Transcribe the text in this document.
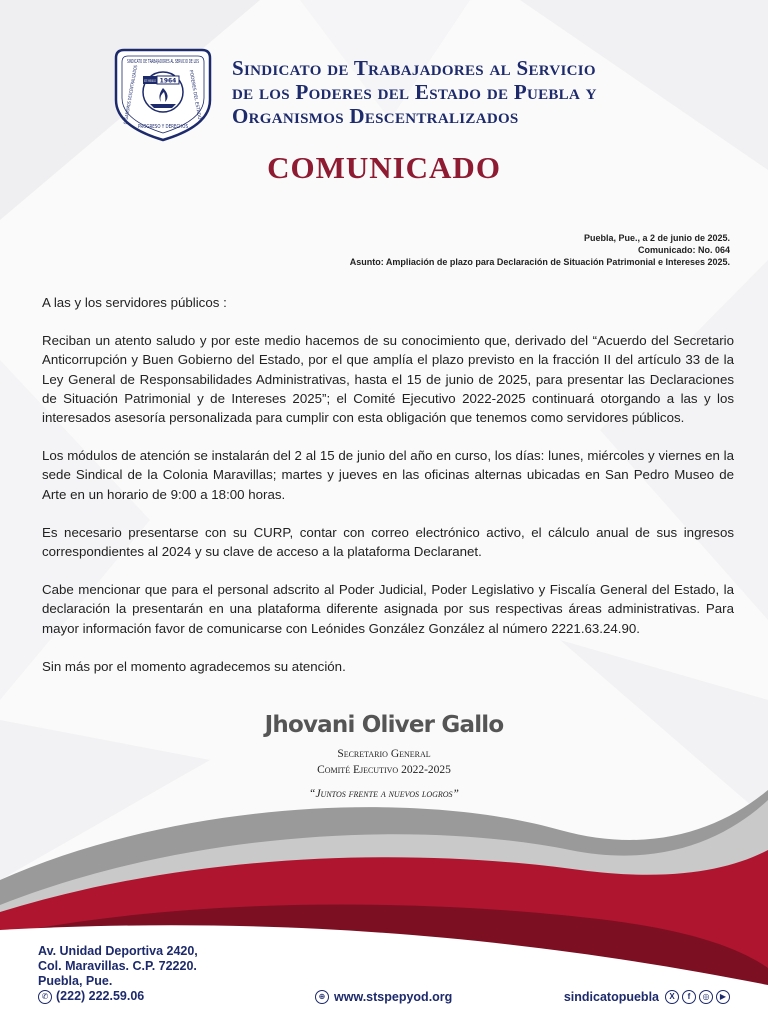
SINDICATO DE TRABAJADORES AL SERVICIO DE LOS
PROGRESO Y DERECHOS
ORGANISMOS DESCENTRALIZADOS	PODERES DEL ESTADO
1964
STE MEXICO
Sindicato de Trabajadores al Servicio
de los Poderes del Estado de Puebla y
Organismos Descentralizados
COMUNICADO
Puebla, Pue., a 2 de junio de 2025.
Comunicado: No. 064
Asunto: Ampliación de plazo para Declaración de Situación Patrimonial e Intereses 2025.

A las y los servidores públicos :

Reciban un atento saludo y por este medio hacemos de su conocimiento que, derivado del “Acuerdo del Secretario Anticorrupción y Buen Gobierno del Estado, por el que amplía el plazo previsto en la fracción II del artículo 33 de la Ley General de Responsabilidades Administrativas, hasta el 15 de junio de 2025, para presentar las Declaraciones de Situación Patrimonial y de Intereses 2025”; el Comité Ejecutivo 2022-2025 continuará otorgando a las y los interesados asesoría personalizada para cumplir con esta obligación que tenemos como servidores públicos.

Los módulos de atención se instalarán del 2 al 15 de junio del año en curso, los días: lunes, miércoles y viernes en la sede Sindical de la Colonia Maravillas; martes y jueves en las oficinas alternas ubicadas en San Pedro Museo de Arte en un horario de 9:00 a 18:00 horas.

Es necesario presentarse con su CURP, contar con correo electrónico activo, el cálculo anual de sus ingresos correspondientes al 2024 y su clave de acceso a la plataforma Declaranet.

Cabe mencionar que para el personal adscrito al Poder Judicial, Poder Legislativo y Fiscalía General del Estado, la declaración la presentarán en una plataforma diferente asignada por sus respectivas áreas administrativas. Para mayor información favor de comunicarse con Leónides González González al número 2221.63.24.90.

Sin más por el momento agradecemos su atención.

Jhovani Oliver Gallo
Secretario General
Comité Ejecutivo 2022-2025
“Juntos frente a nuevos logros”
Av. Unidad Deportiva 2420,
Col. Maravillas. C.P. 72220.
Puebla, Pue.
✆ (222) 222.59.06	⊕ www.stspepyod.org	sindicatopuebla	X	f	◎	▶
